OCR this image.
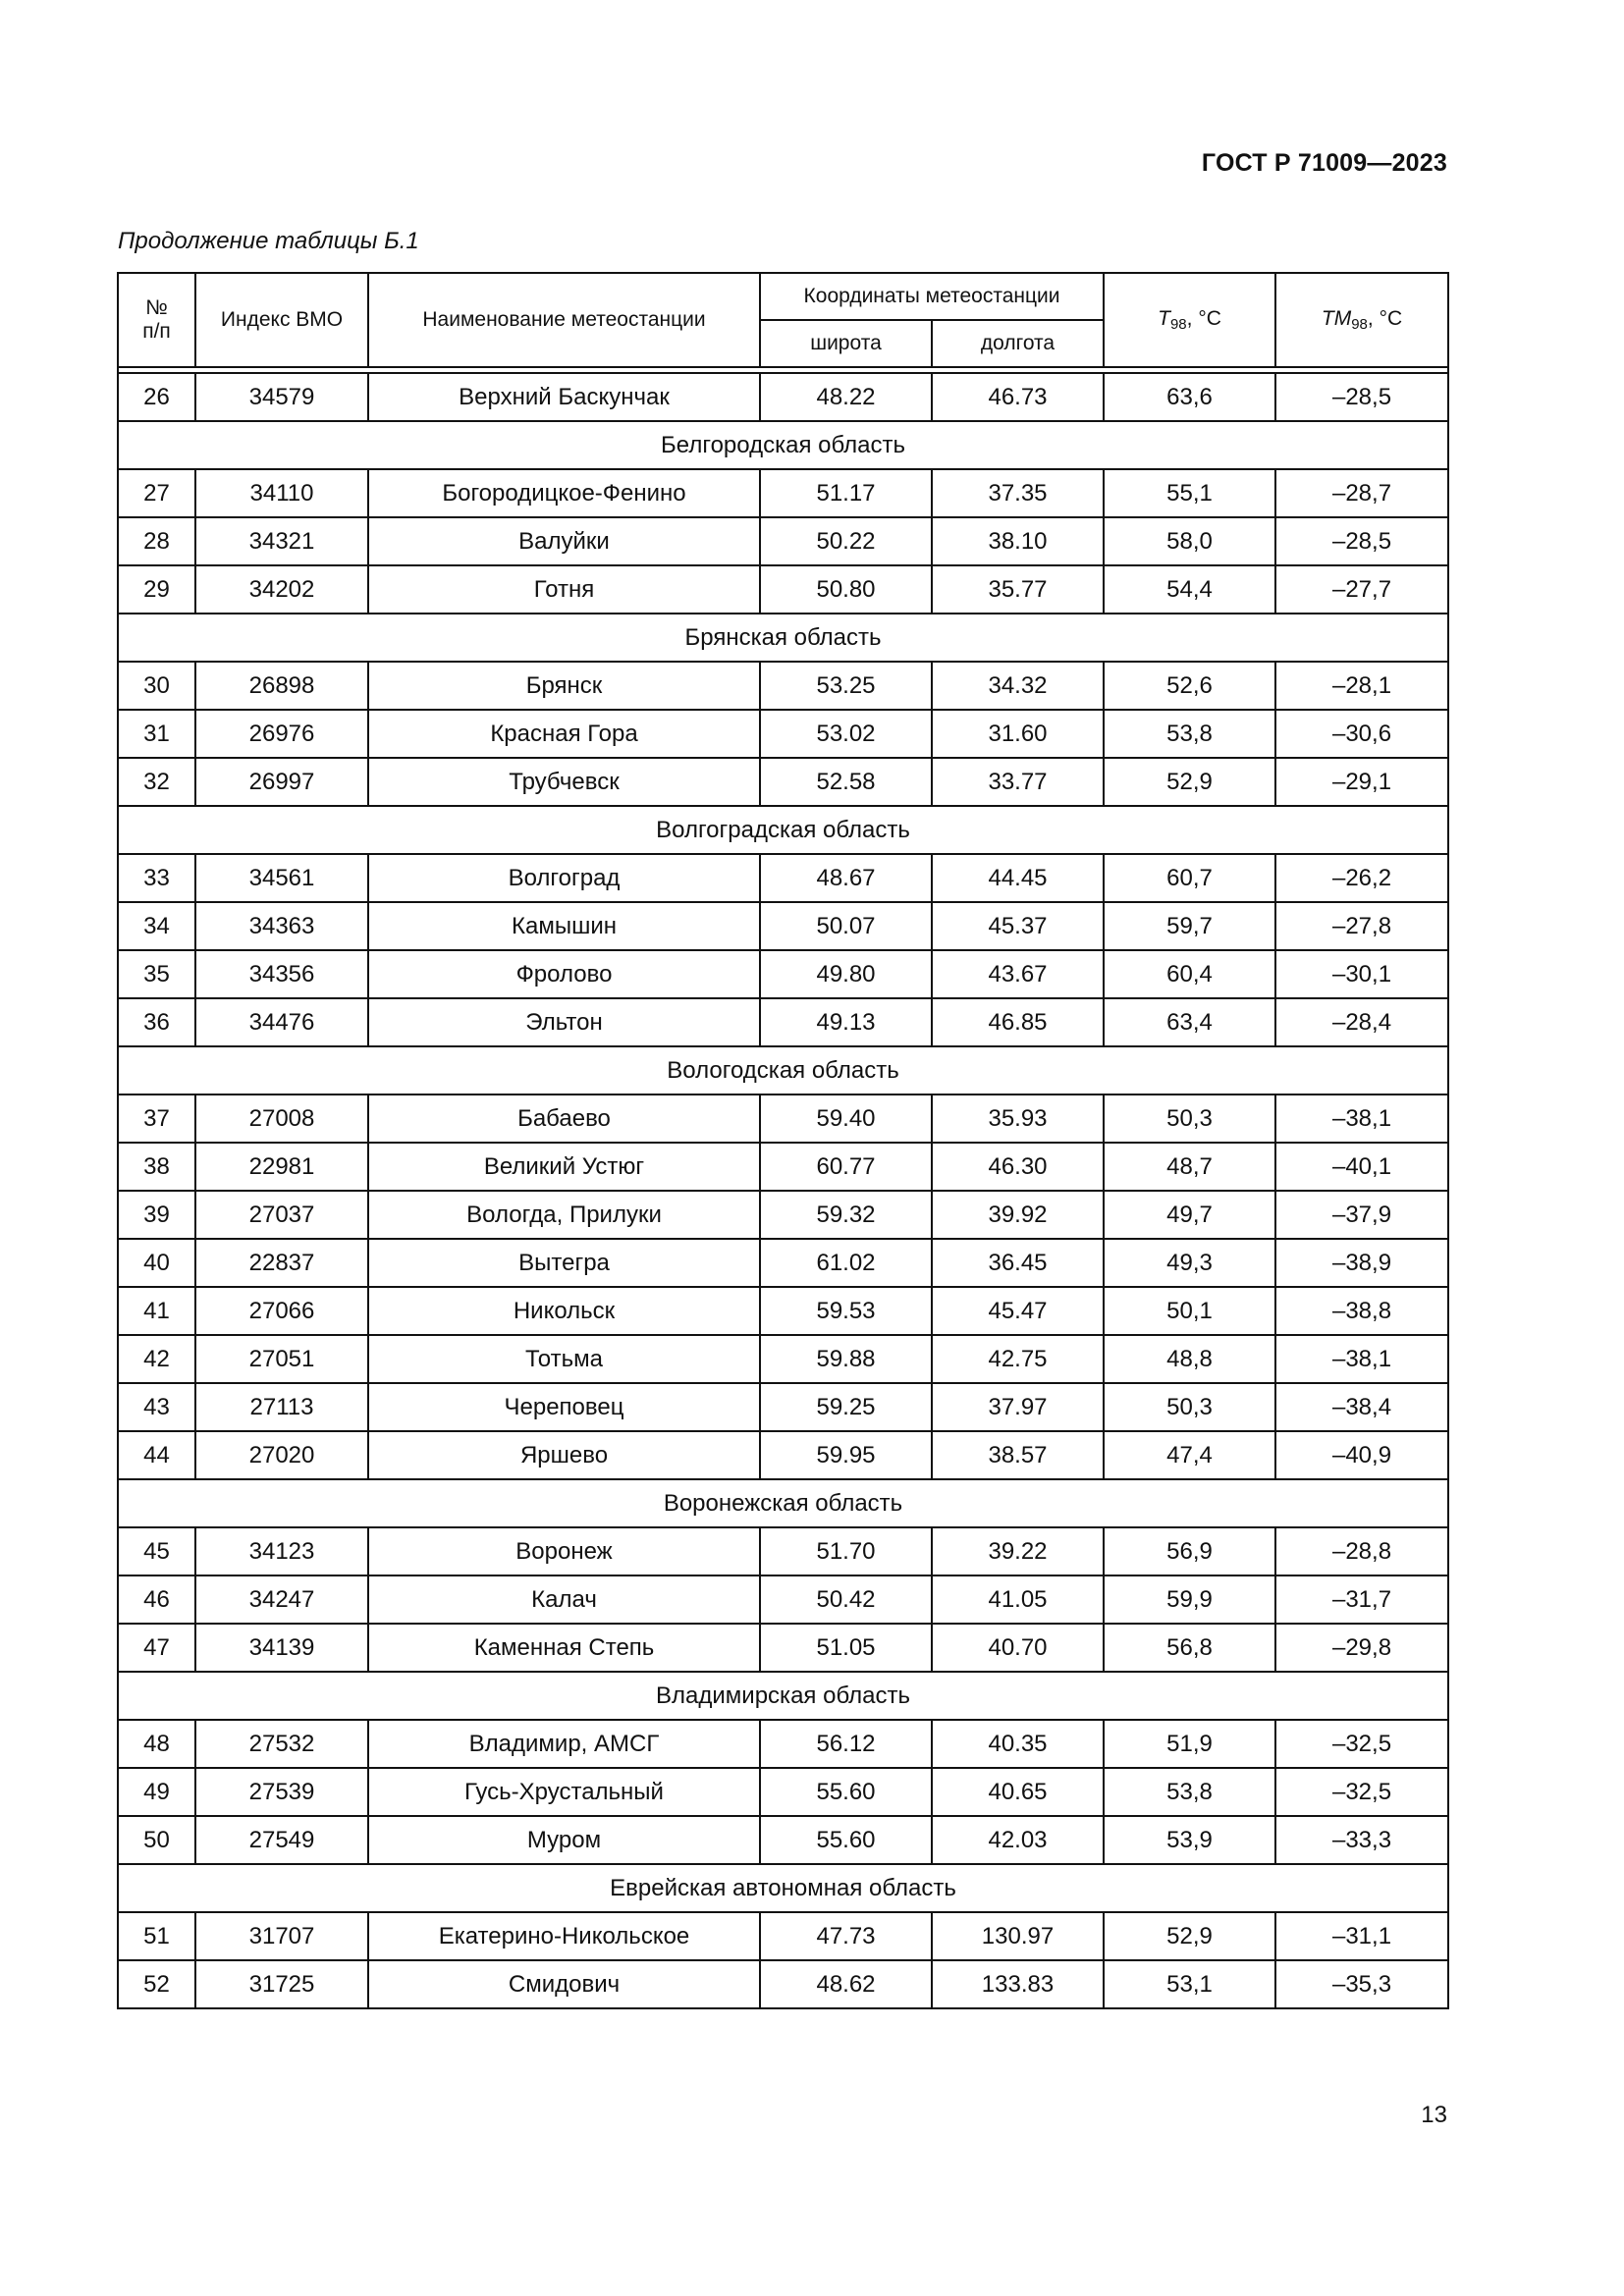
ГОСТ Р 71009—2023
Продолжение таблицы Б.1
№
п/п	Индекс ВМО	Наименование метеостанции	Координаты метеостанции		$T_{98}$, °C	$TM_{98}$, °C
			широта	долгота		

26	34579	Верхний Баскунчак	48.22	46.73	63,6	–28,5
Белгородская область						
27	34110	Богородицкое-Фенино	51.17	37.35	55,1	–28,7
28	34321	Валуйки	50.22	38.10	58,0	–28,5
29	34202	Готня	50.80	35.77	54,4	–27,7
Брянская область						
30	26898	Брянск	53.25	34.32	52,6	–28,1
31	26976	Красная Гора	53.02	31.60	53,8	–30,6
32	26997	Трубчевск	52.58	33.77	52,9	–29,1
Волгоградская область						
33	34561	Волгоград	48.67	44.45	60,7	–26,2
34	34363	Камышин	50.07	45.37	59,7	–27,8
35	34356	Фролово	49.80	43.67	60,4	–30,1
36	34476	Эльтон	49.13	46.85	63,4	–28,4
Вологодская область						
37	27008	Бабаево	59.40	35.93	50,3	–38,1
38	22981	Великий Устюг	60.77	46.30	48,7	–40,1
39	27037	Вологда, Прилуки	59.32	39.92	49,7	–37,9
40	22837	Вытегра	61.02	36.45	49,3	–38,9
41	27066	Никольск	59.53	45.47	50,1	–38,8
42	27051	Тотьма	59.88	42.75	48,8	–38,1
43	27113	Череповец	59.25	37.97	50,3	–38,4
44	27020	Яршево	59.95	38.57	47,4	–40,9
Воронежская область						
45	34123	Воронеж	51.70	39.22	56,9	–28,8
46	34247	Калач	50.42	41.05	59,9	–31,7
47	34139	Каменная Степь	51.05	40.70	56,8	–29,8
Владимирская область						
48	27532	Владимир, АМСГ	56.12	40.35	51,9	–32,5
49	27539	Гусь-Хрустальный	55.60	40.65	53,8	–32,5
50	27549	Муром	55.60	42.03	53,9	–33,3
Еврейская автономная область						
51	31707	Екатерино-Никольское	47.73	130.97	52,9	–31,1
52	31725	Смидович	48.62	133.83	53,1	–35,3
13
